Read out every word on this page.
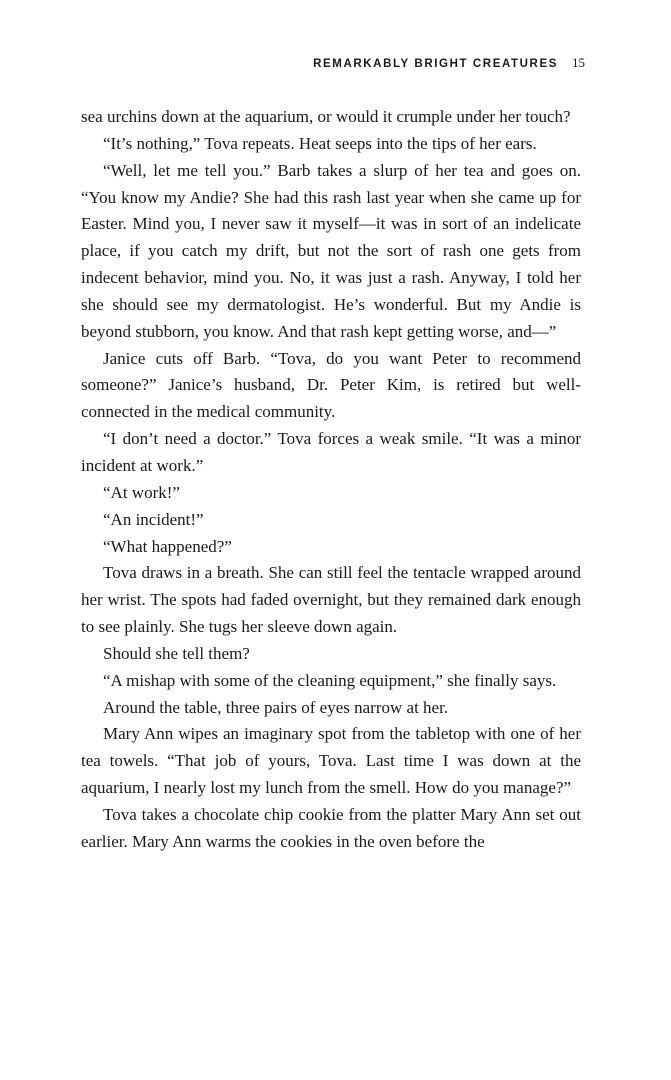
REMARKABLY BRIGHT CREATURES 15

sea urchins down at the aquarium, or would it crumple under her touch?

“It’s nothing,” Tova repeats. Heat seeps into the tips of her ears.

“Well, let me tell you.” Barb takes a slurp of her tea and goes on. “You know my Andie? She had this rash last year when she came up for Easter. Mind you, I never saw it myself—it was in sort of an indelicate place, if you catch my drift, but not the sort of rash one gets from indecent behavior, mind you. No, it was just a rash. Anyway, I told her she should see my dermatologist. He’s wonderful. But my Andie is beyond stubborn, you know. And that rash kept getting worse, and—”

Janice cuts off Barb. “Tova, do you want Peter to recommend someone?” Janice’s husband, Dr. Peter Kim, is retired but well-connected in the medical community.

“I don’t need a doctor.” Tova forces a weak smile. “It was a minor incident at work.”

“At work!”

“An incident!”

“What happened?”

Tova draws in a breath. She can still feel the tentacle wrapped around her wrist. The spots had faded overnight, but they remained dark enough to see plainly. She tugs her sleeve down again.

Should she tell them?

“A mishap with some of the cleaning equipment,” she finally says.

Around the table, three pairs of eyes narrow at her.

Mary Ann wipes an imaginary spot from the tabletop with one of her tea towels. “That job of yours, Tova. Last time I was down at the aquarium, I nearly lost my lunch from the smell. How do you manage?”

Tova takes a chocolate chip cookie from the platter Mary Ann set out earlier. Mary Ann warms the cookies in the oven before the
